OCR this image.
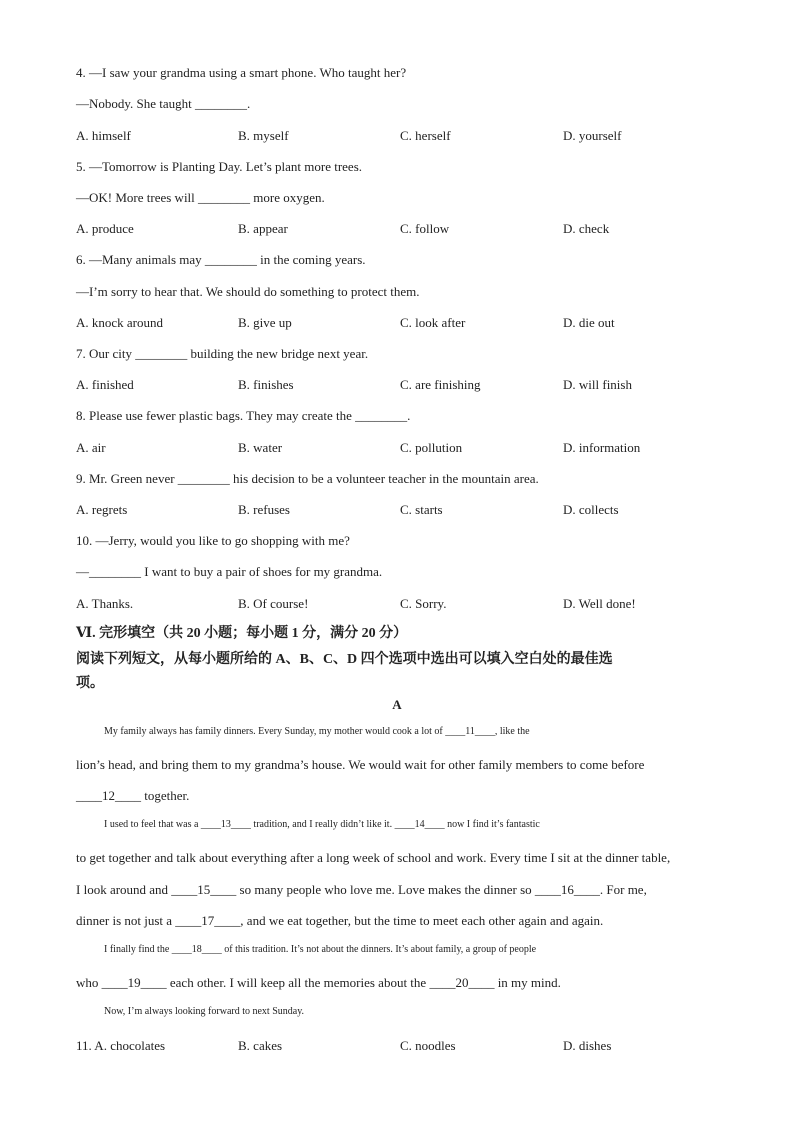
4. —I saw your grandma using a smart phone. Who taught her?
—Nobody. She taught ________.
A. himself	B. myself	C. herself	D. yourself
5. —Tomorrow is Planting Day. Let’s plant more trees.
—OK! More trees will ________ more oxygen.
A. produce	B. appear	C. follow	D. check
6. —Many animals may ________ in the coming years.
—I’m sorry to hear that. We should do something to protect them.
A. knock around	B. give up	C. look after	D. die out
7. Our city ________ building the new bridge next year.
A. finished	B. finishes	C. are finishing	D. will finish
8. Please use fewer plastic bags. They may create the ________.
A. air	B. water	C. pollution	D. information
9. Mr. Green never ________ his decision to be a volunteer teacher in the mountain area.
A. regrets	B. refuses	C. starts	D. collects
10. —Jerry, would you like to go shopping with me?
—________ I want to buy a pair of shoes for my grandma.
A. Thanks.	B. Of course!	C. Sorry.	D. Well done!
Ⅵ. 完形填空（共 20 小题；每小题 1 分，满分 20 分）
阅读下列短文，从每小题所给的 A、B、C、D 四个选项中选出可以填入空白处的最佳选
项。
A
My family always has family dinners. Every Sunday, my mother would cook a lot of ____11____, like the
lion’s head, and bring them to my grandma’s house. We would wait for other family members to come before
____12____ together.
I used to feel that was a ____13____ tradition, and I really didn’t like it. ____14____ now I find it’s fantastic
to get together and talk about everything after a long week of school and work. Every time I sit at the dinner table,
I look around and ____15____ so many people who love me. Love makes the dinner so ____16____. For me,
dinner is not just a ____17____, and we eat together, but the time to meet each other again and again.
I finally find the ____18____ of this tradition. It’s not about the dinners. It’s about family, a group of people
who ____19____ each other. I will keep all the memories about the ____20____ in my mind.
Now, I’m always looking forward to next Sunday.
11. A. chocolates	B. cakes	C. noodles	D. dishes
